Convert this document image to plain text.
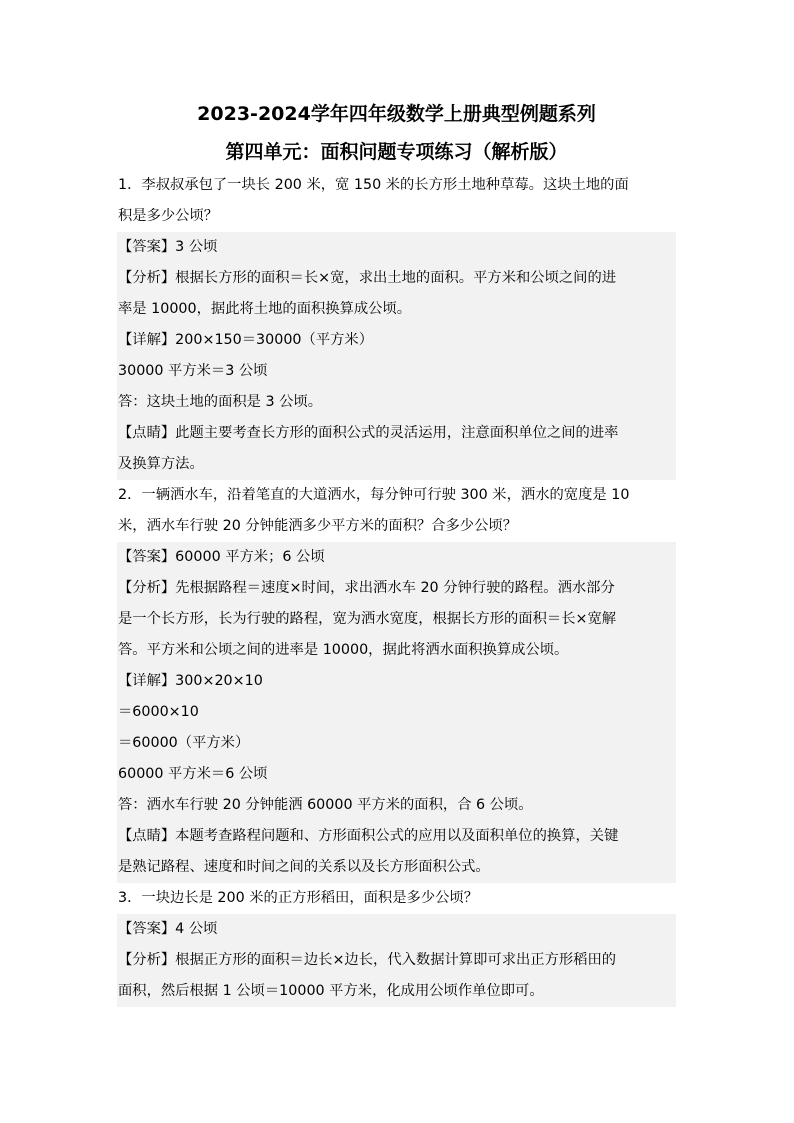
2023-2024学年四年级数学上册典型例题系列
第四单元：面积问题专项练习（解析版）
1．李叔叔承包了一块长 200 米，宽 150 米的长方形土地种草莓。这块土地的面
积是多少公顷？
【答案】3 公顷
【分析】根据长方形的面积＝长×宽，求出土地的面积。平方米和公顷之间的进
率是 10000，据此将土地的面积换算成公顷。
【详解】200×150＝30000（平方米）
30000 平方米＝3 公顷
答：这块土地的面积是 3 公顷。
【点睛】此题主要考查长方形的面积公式的灵活运用，注意面积单位之间的进率
及换算方法。
2．一辆洒水车，沿着笔直的大道洒水，每分钟可行驶 300 米，洒水的宽度是 10
米，洒水车行驶 20 分钟能洒多少平方米的面积？合多少公顷？
【答案】60000 平方米；6 公顷
【分析】先根据路程＝速度×时间，求出洒水车 20 分钟行驶的路程。洒水部分
是一个长方形，长为行驶的路程，宽为洒水宽度，根据长方形的面积＝长×宽解
答。平方米和公顷之间的进率是 10000，据此将洒水面积换算成公顷。
【详解】300×20×10
＝6000×10
＝60000（平方米）
60000 平方米＝6 公顷
答：洒水车行驶 20 分钟能洒 60000 平方米的面积，合 6 公顷。
【点睛】本题考查路程问题和、方形面积公式的应用以及面积单位的换算，关键
是熟记路程、速度和时间之间的关系以及长方形面积公式。
3．一块边长是 200 米的正方形稻田，面积是多少公顷？
【答案】4 公顷
【分析】根据正方形的面积＝边长×边长，代入数据计算即可求出正方形稻田的
面积，然后根据 1 公顷＝10000 平方米，化成用公顷作单位即可。
